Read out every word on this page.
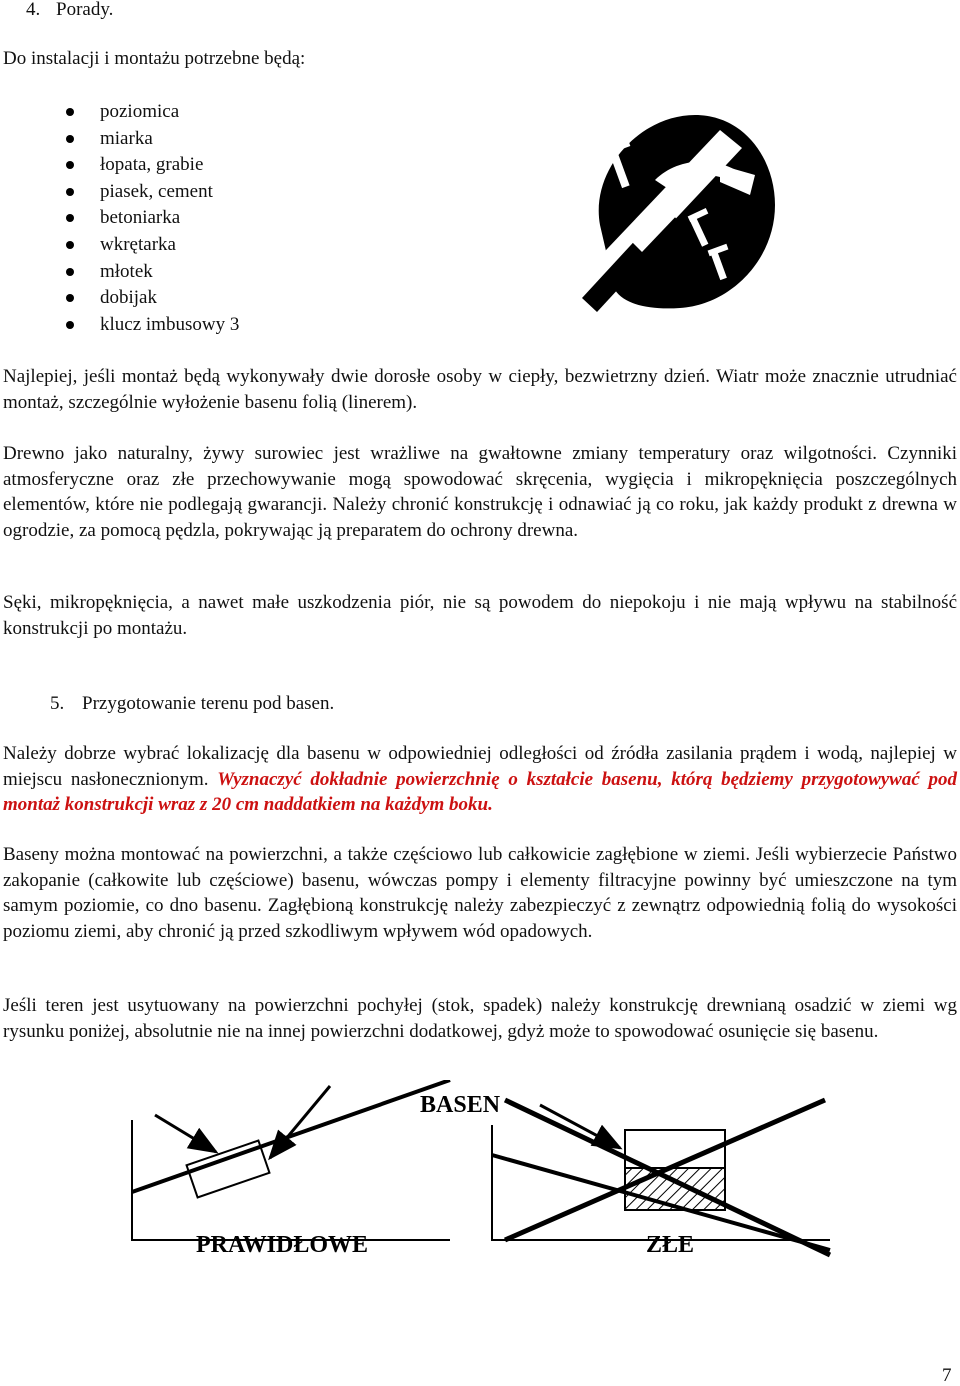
4. Porady.
Do instalacji i montażu potrzebne będą:
poziomica
miarka
łopata, grabie
piasek, cement
betoniarka
wkrętarka
młotek
dobijak
klucz imbusowy 3
Najlepiej, jeśli montaż będą wykonywały dwie dorosłe osoby w ciepły, bezwietrzny dzień. Wiatr może znacznie utrudniać montaż, szczególnie wyłożenie basenu folią (linerem).
Drewno jako naturalny, żywy surowiec jest wrażliwe na gwałtowne zmiany temperatury oraz wilgotności. Czynniki atmosferyczne oraz złe przechowywanie mogą spowodować skręcenia, wygięcia i mikropęknięcia poszczególnych elementów, które nie podlegają gwarancji. Należy chronić konstrukcję i odnawiać ją co roku, jak każdy produkt z drewna w ogrodzie, za pomocą pędzla, pokrywając ją preparatem do ochrony drewna.
Sęki, mikropęknięcia, a nawet małe uszkodzenia piór, nie są powodem do niepokoju i nie mają wpływu na stabilność konstrukcji po montażu.
5. Przygotowanie terenu pod basen.
Należy dobrze wybrać lokalizację dla basenu w odpowiedniej odległości od źródła zasilania prądem i wodą, najlepiej w miejscu nasłonecznionym. Wyznaczyć dokładnie powierzchnię o kształcie basenu, którą będziemy przygotowywać pod montaż konstrukcji wraz z 20 cm naddatkiem na każdym boku.
Baseny można montować na powierzchni, a także częściowo lub całkowicie zagłębione w ziemi. Jeśli wybierzecie Państwo zakopanie (całkowite lub częściowe) basenu, wówczas pompy i elementy filtracyjne powinny być umieszczone na tym samym poziomie, co dno basenu. Zagłębioną konstrukcję należy zabezpieczyć z zewnątrz odpowiednią folią do wysokości poziomu ziemi, aby chronić ją przed szkodliwym wpływem wód opadowych.
Jeśli teren jest usytuowany na powierzchni pochyłej (stok, spadek) należy konstrukcję drewnianą osadzić w ziemi wg rysunku poniżej, absolutnie nie na innej powierzchni dodatkowej, gdyż może to spowodować osunięcie się basenu.
BASEN
PRAWIDŁOWE	ZŁE
7
